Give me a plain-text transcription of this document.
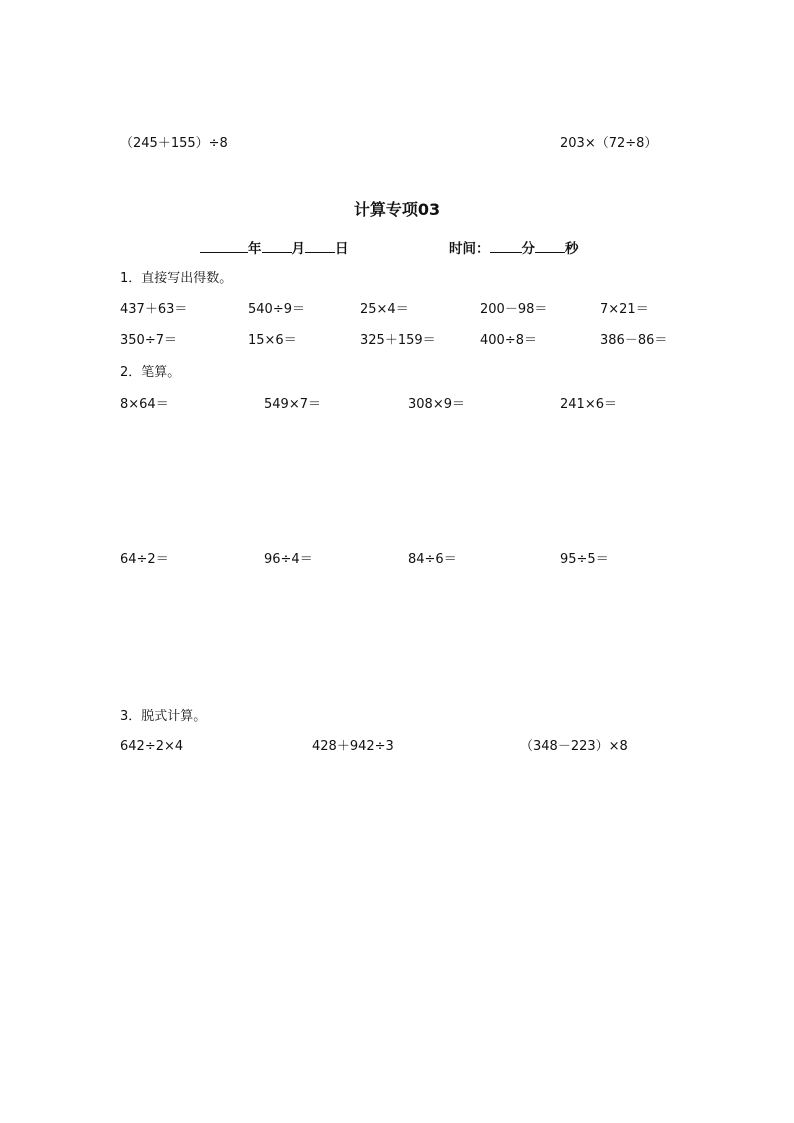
（245＋155）÷8	203×（72÷8）
计算专项03
年 月 日	时间： 分 秒
1．直接写出得数。
437＋63＝	540÷9＝	25×4＝	200－98＝	7×21＝
350÷7＝	15×6＝	325＋159＝	400÷8＝	386－86＝
2．笔算。
8×64＝	549×7＝	308×9＝	241×6＝
64÷2＝	96÷4＝	84÷6＝	95÷5＝
3．脱式计算。
642÷2×4	428＋942÷3	（348－223）×8
